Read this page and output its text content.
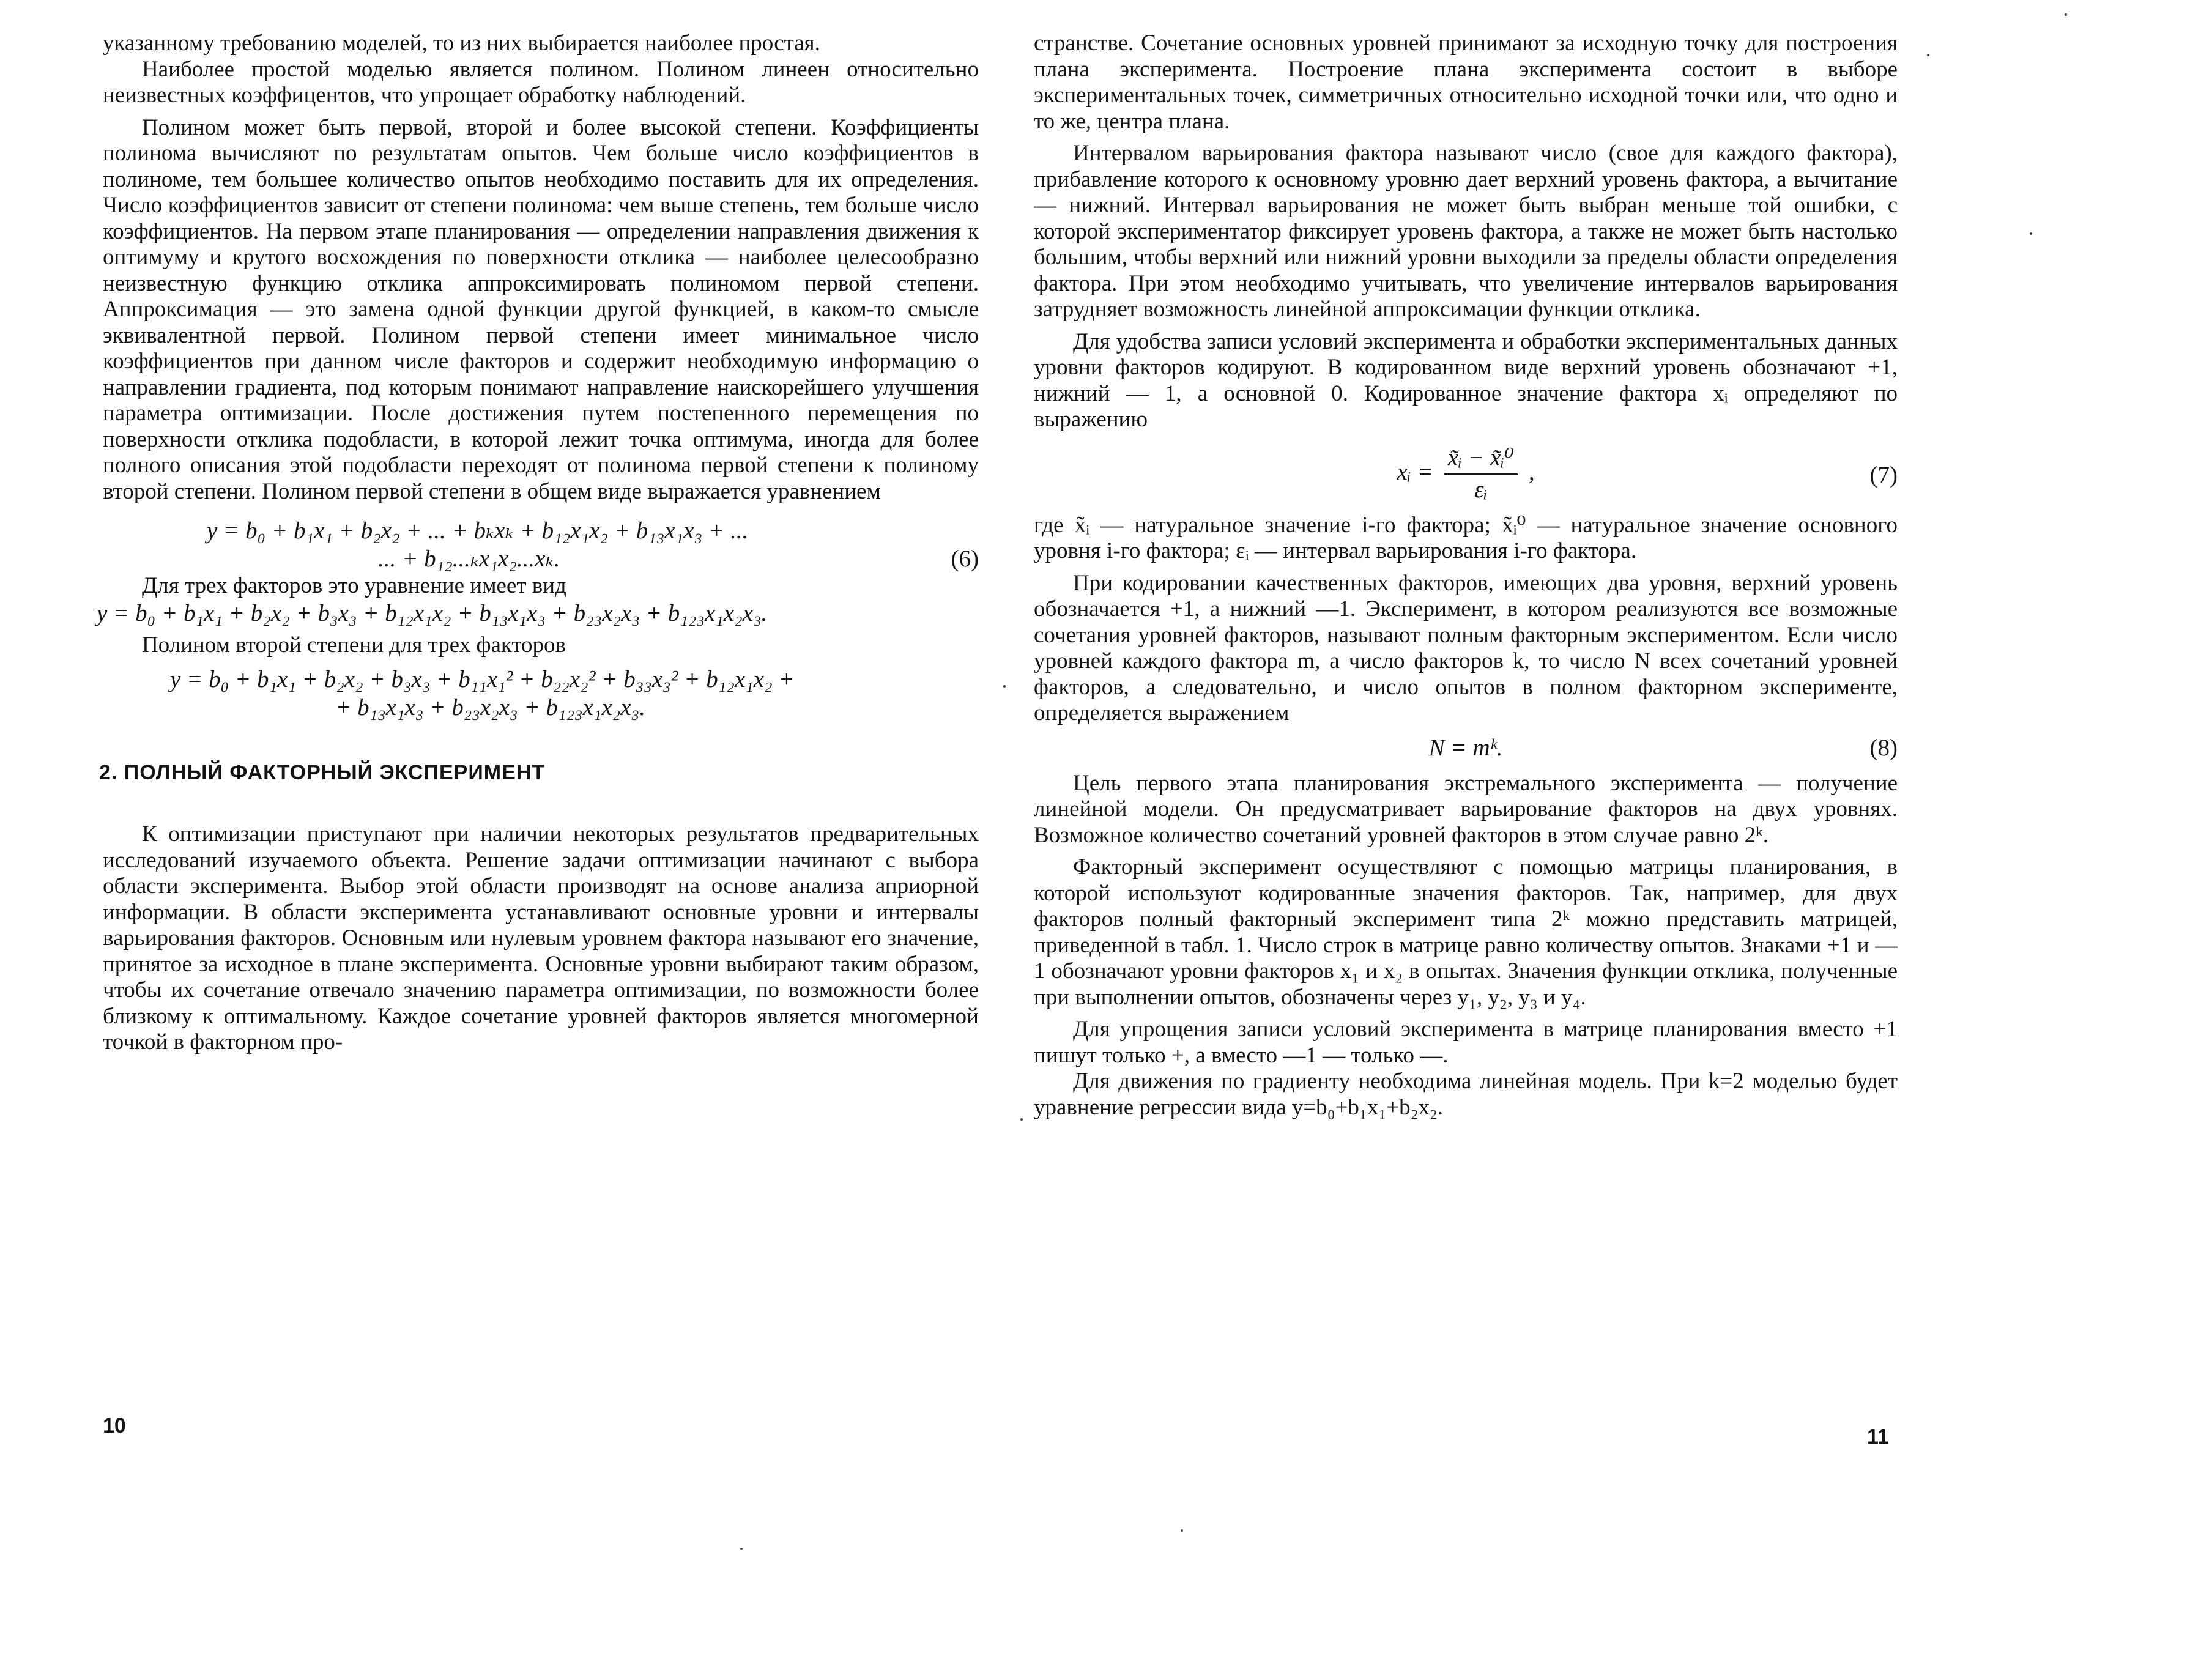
указанному требованию моделей, то из них выбирается наиболее простая.

Наиболее простой моделью является полином. Полином линеен относительно неизвестных коэффицентов, что упрощает обработку наблюдений.

Полином может быть первой, второй и более высокой степени. Коэффициенты полинома вычисляют по результатам опытов. Чем больше число коэффициентов в полиноме, тем большее количество опытов необходимо поставить для их определения. Число коэффициентов зависит от степени полинома: чем выше степень, тем больше число коэффициентов. На первом этапе планирования — определении направления движения к оптимуму и крутого восхождения по поверхности отклика — наиболее целесообразно неизвестную функцию отклика аппроксимировать полиномом первой степени. Аппроксимация — это замена одной функции другой функцией, в каком-то смысле эквивалентной первой. Полином первой степени имеет минимальное число коэффициентов при данном числе факторов и содержит необходимую информацию о направлении градиента, под которым понимают направление наискорейшего улучшения параметра оптимизации. После достижения путем постепенного перемещения по поверхности отклика подобласти, в которой лежит точка оптимума, иногда для более полного описания этой подобласти переходят от полинома первой степени к полиному второй степени. Полином первой степени в общем виде выражается уравнением

y = b₀ + b₁x₁ + b₂x₂ + ... + bₖxₖ + b₁₂x₁x₂ + b₁₃x₁x₃ + ...
... + b₁₂...ₖx₁x₂...xₖ.	(6)

Для трех факторов это уравнение имеет вид

y = b₀ + b₁x₁ + b₂x₂ + b₃x₃ + b₁₂x₁x₂ + b₁₃x₁x₃ + b₂₃x₂x₃ + b₁₂₃x₁x₂x₃.

Полином второй степени для трех факторов

y = b₀ + b₁x₁ + b₂x₂ + b₃x₃ + b₁₁x₁² + b₂₂x₂² + b₃₃x₃² + b₁₂x₁x₂ +
+ b₁₃x₁x₃ + b₂₃x₂x₃ + b₁₂₃x₁x₂x₃.
2. ПОЛНЫЙ ФАКТОРНЫЙ ЭКСПЕРИМЕНТ

К оптимизации приступают при наличии некоторых результатов предварительных исследований изучаемого объекта. Решение задачи оптимизации начинают с выбора области эксперимента. Выбор этой области производят на основе анализа априорной информации. В области эксперимента устанавливают основные уровни и интервалы варьирования факторов. Основным или нулевым уровнем фактора называют его значение, принятое за исходное в плане эксперимента. Основные уровни выбирают таким образом, чтобы их сочетание отвечало значению параметра оптимизации, по возможности более близкому к оптимальному. Каждое сочетание уровней факторов является многомерной точкой в факторном про-

10

странстве. Сочетание основных уровней принимают за исходную точку для построения плана эксперимента. Построение плана эксперимента состоит в выборе экспериментальных точек, симметричных относительно исходной точки или, что одно и то же, центра плана.

Интервалом варьирования фактора называют число (свое для каждого фактора), прибавление которого к основному уровню дает верхний уровень фактора, а вычитание — нижний. Интервал варьирования не может быть выбран меньше той ошибки, с которой экспериментатор фиксирует уровень фактора, а также не может быть настолько большим, чтобы верхний или нижний уровни выходили за пределы области определения фактора. При этом необходимо учитывать, что увеличение интервалов варьирования затрудняет возможность линейной аппроксимации функции отклика.

Для удобства записи условий эксперимента и обработки экспериментальных данных уровни факторов кодируют. В кодированном виде верхний уровень обозначают +1, нижний — 1, а основной 0. Кодированное значение фактора xᵢ определяют по выражению

xᵢ = $\frac{\text{x̃ᵢ − x̃ᵢ⁰}}{\text{εᵢ}}$ ,	(7)

где x̃ᵢ — натуральное значение i-го фактора; x̃ᵢ⁰ — натуральное значение основного уровня i-го фактора; εᵢ — интервал варьирования i-го фактора.

При кодировании качественных факторов, имеющих два уровня, верхний уровень обозначается +1, а нижний —1. Эксперимент, в котором реализуются все возможные сочетания уровней факторов, называют полным факторным экспериментом. Если число уровней каждого фактора m, а число факторов k, то число N всех сочетаний уровней факторов, а следовательно, и число опытов в полном факторном эксперименте, определяется выражением

N = mᵏ.	(8)

Цель первого этапа планирования экстремального эксперимента — получение линейной модели. Он предусматривает варьирование факторов на двух уровнях. Возможное количество сочетаний уровней факторов в этом случае равно 2ᵏ.

Факторный эксперимент осуществляют с помощью матрицы планирования, в которой используют кодированные значения факторов. Так, например, для двух факторов полный факторный эксперимент типа 2ᵏ можно представить матрицей, приведенной в табл. 1. Число строк в матрице равно количеству опытов. Знаками +1 и —1 обозначают уровни факторов x₁ и x₂ в опытах. Значения функции отклика, полученные при выполнении опытов, обозначены через y₁, y₂, y₃ и y₄.

Для упрощения записи условий эксперимента в матрице планирования вместо +1 пишут только +, а вместо —1 — только —.

Для движения по градиенту необходима линейная модель. При k=2 моделью будет уравнение регрессии вида y=b₀+b₁x₁+b₂x₂.

11
